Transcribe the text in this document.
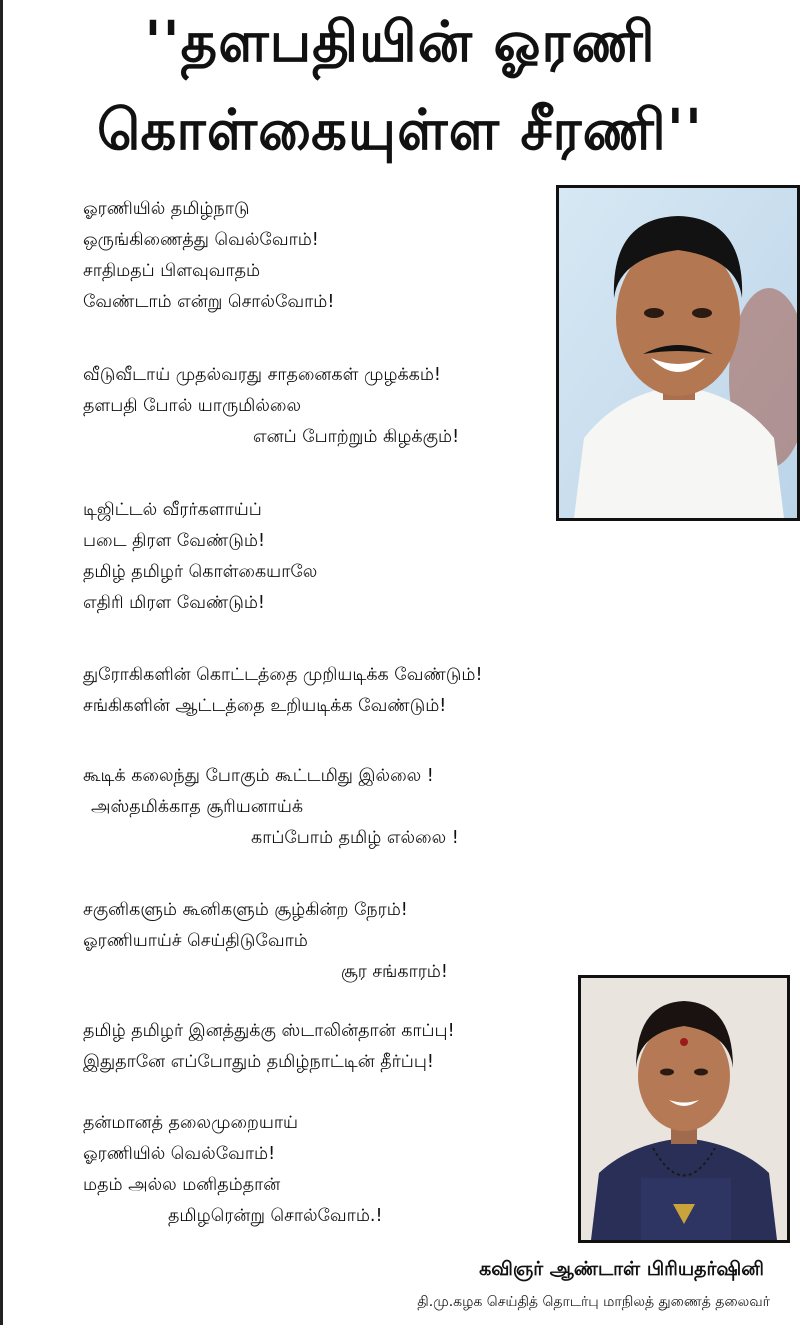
''தளபதியின் ஓரணி
கொள்கையுள்ள சீரணி''
ஓரணியில் தமிழ்நாடு
ஒருங்கிணைத்து வெல்வோம்!
சாதிமதப் பிளவுவாதம்
வேண்டாம் என்று சொல்வோம்!
வீடுவீடாய் முதல்வரது சாதனைகள் முழக்கம்!
தளபதி போல் யாருமில்லை
எனப் போற்றும் கிழக்கும்!
டிஜிட்டல் வீரர்களாய்ப்
படை திரள வேண்டும்!
தமிழ் தமிழர் கொள்கையாலே
எதிரி மிரள வேண்டும்!
துரோகிகளின் கொட்டத்தை முறியடிக்க வேண்டும்!
சங்கிகளின் ஆட்டத்தை உறியடிக்க வேண்டும்!
கூடிக் கலைந்து போகும் கூட்டமிது இல்லை !
அஸ்தமிக்காத சூரியனாய்க்
காப்போம் தமிழ் எல்லை !
சகுனிகளும் கூனிகளும் சூழ்கின்ற நேரம்!
ஓரணியாய்ச் செய்திடுவோம்
சூர சங்காரம்!
தமிழ் தமிழர் இனத்துக்கு ஸ்டாலின்தான் காப்பு!
இதுதானே எப்போதும் தமிழ்நாட்டின் தீர்ப்பு!
தன்மானத் தலைமுறையாய்
ஓரணியில் வெல்வோம்!
மதம் அல்ல மனிதம்தான்
தமிழரென்று சொல்வோம்.!
கவிஞர் ஆண்டாள் பிரியதர்ஷினி
தி.மு.கழக செய்தித் தொடர்பு மாநிலத் துணைத் தலைவர்
